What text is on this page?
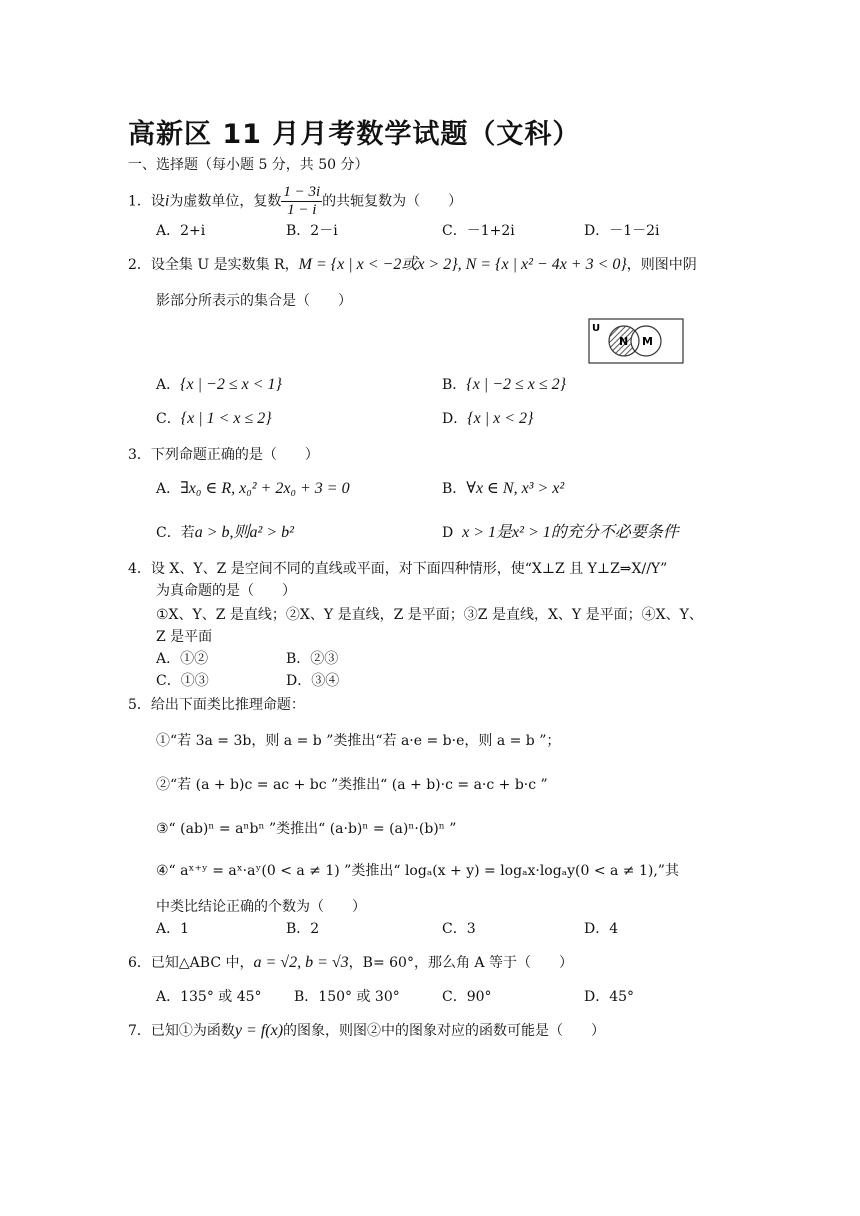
高新区 11 月月考数学试题（文科）
一、选择题（每小题 5 分，共 50 分）
1．设i为虚数单位，复数 $\frac{1 - 3i}{1 - i}$ 的共轭复数为（　　）
A．2+i	B．2－i	C．－1+2i	D．－1－2i
2．设全集 U 是实数集 R，M = {x | x < −2或x > 2}, N = {x | x² − 4x + 3 < 0}，则图中阴
影部分所表示的集合是（　　）
U
N M
A．{x | −2 ≤ x < 1}	B．{x | −2 ≤ x ≤ 2}
C．{x | 1 < x ≤ 2}	D．{x | x < 2}
3．下列命题正确的是（　　）
A．∃x₀ ∈ R, x₀² + 2x₀ + 3 = 0	B．∀x ∈ N, x³ > x²
C．若a > b,则a² > b²	D x > 1是x² > 1的充分不必要条件
4．设 X、Y、Z 是空间不同的直线或平面，对下面四种情形，使“X⊥Z 且 Y⊥Z⇒X//Y”
为真命题的是（　　）
①X、Y、Z 是直线；②X、Y 是直线，Z 是平面；③Z 是直线，X、Y 是平面；④X、Y、
Z 是平面
A．①②	B．②③
C．①③	D．③④
5．给出下面类比推理命题：
①“若 3a = 3b，则 a = b ”类推出“若 a·e = b·e，则 a = b ”；
②“若 (a + b)c = ac + bc ”类推出“ (a + b)·c = a·c + b·c ”
③“ (ab)ⁿ = aⁿbⁿ ”类推出“ (a·b)ⁿ = (a)ⁿ·(b)ⁿ ”
④“ aˣ⁺ʸ = aˣ·aʸ(0 < a ≠ 1) ”类推出“ logₐ(x + y) = logₐx·logₐy(0 < a ≠ 1),”其
中类比结论正确的个数为（　　）
A．1	B．2	C．3	D．4
6．已知△ABC 中，a = √2, b = √3，B= 60°，那么角 A 等于（　　）
A．135° 或 45° B．150° 或 30°	C．90°	D．45°
7．已知①为函数y = f(x)的图象，则图②中的图象对应的函数可能是（　　）
